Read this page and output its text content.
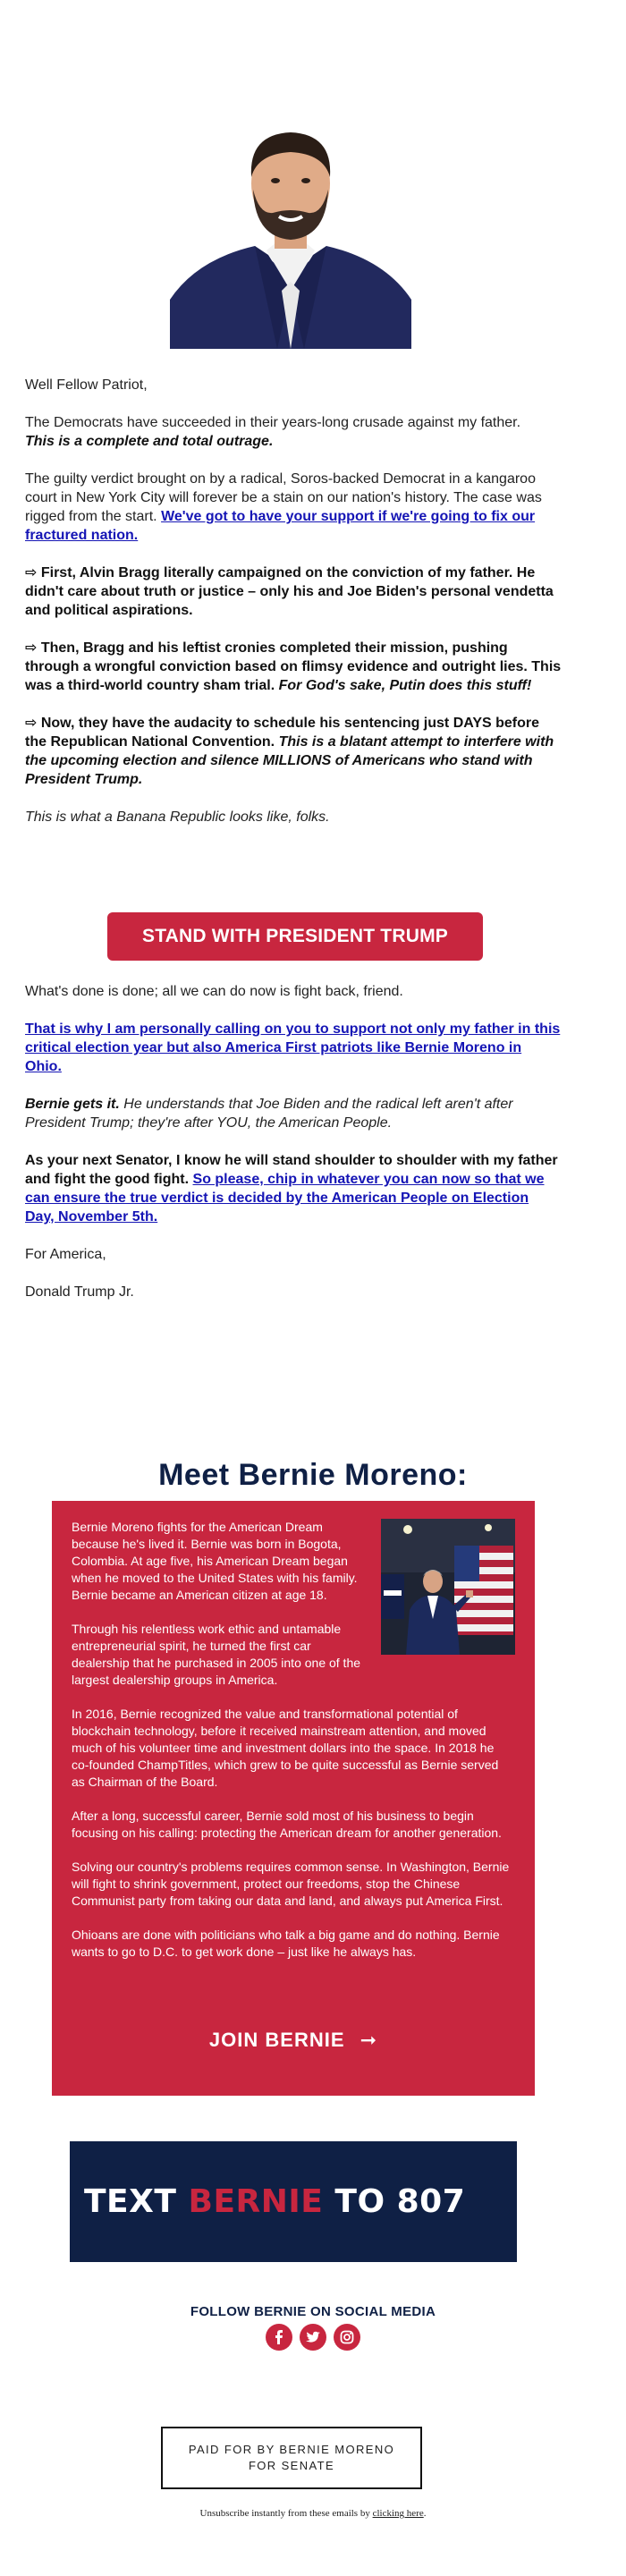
Well Fellow Patriot,

The Democrats have succeeded in their years-long crusade against my father.
This is a complete and total outrage.

The guilty verdict brought on by a radical, Soros-backed Democrat in a kangaroo court in New York City will forever be a stain on our nation's history. The case was rigged from the start. We've got to have your support if we're going to fix our fractured nation.

⇨ First, Alvin Bragg literally campaigned on the conviction of my father. He didn't care about truth or justice – only his and Joe Biden's personal vendetta and political aspirations.

⇨ Then, Bragg and his leftist cronies completed their mission, pushing through a wrongful conviction based on flimsy evidence and outright lies. This was a third-world country sham trial. For God's sake, Putin does this stuff!

⇨ Now, they have the audacity to schedule his sentencing just DAYS before the Republican National Convention. This is a blatant attempt to interfere with the upcoming election and silence MILLIONS of Americans who stand with President Trump.

This is what a Banana Republic looks like, folks.

STAND WITH PRESIDENT TRUMP

What's done is done; all we can do now is fight back, friend.

That is why I am personally calling on you to support not only my father in this critical election year but also America First patriots like Bernie Moreno in Ohio.

Bernie gets it. He understands that Joe Biden and the radical left aren't after President Trump; they're after YOU, the American People.

As your next Senator, I know he will stand shoulder to shoulder with my father and fight the good fight. So please, chip in whatever you can now so that we can ensure the true verdict is decided by the American People on Election Day, November 5th.

For America,

Donald Trump Jr.

Meet Bernie Moreno:

Bernie Moreno fights for the American Dream because he's lived it. Bernie was born in Bogota, Colombia. At age five, his American Dream began when he moved to the United States with his family. Bernie became an American citizen at age 18.

Through his relentless work ethic and untamable entrepreneurial spirit, he turned the first car dealership that he purchased in 2005 into one of the largest dealership groups in America.

In 2016, Bernie recognized the value and transformational potential of blockchain technology, before it received mainstream attention, and moved much of his volunteer time and investment dollars into the space. In 2018 he co-founded ChampTitles, which grew to be quite successful as Bernie served as Chairman of the Board.

After a long, successful career, Bernie sold most of his business to begin focusing on his calling: protecting the American dream for another generation.

Solving our country's problems requires common sense. In Washington, Bernie will fight to shrink government, protect our freedoms, stop the Chinese Communist party from taking our data and land, and always put America First.

Ohioans are done with politicians who talk a big game and do nothing. Bernie wants to go to D.C. to get work done – just like he always has.

JOIN BERNIE ➞
TEXT BERNIE TO 807
FOLLOW BERNIE ON SOCIAL MEDIA
PAID FOR BY BERNIE MORENO
FOR SENATE
Unsubscribe instantly from these emails by clicking here.
